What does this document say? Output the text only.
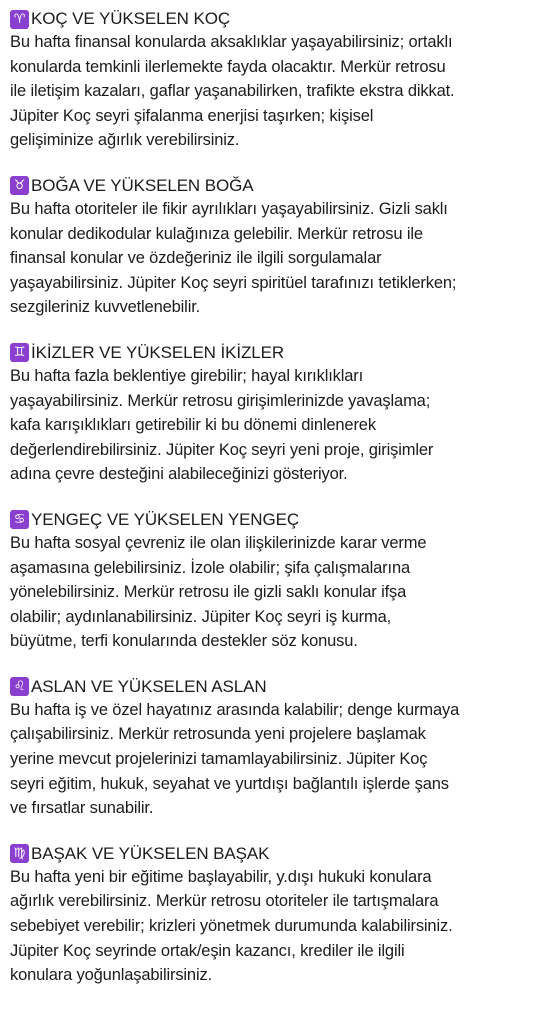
♈ KOÇ VE YÜKSELEN KOÇ
Bu hafta finansal konularda aksaklıklar yaşayabilirsiniz; ortaklı
konularda temkinli ilerlemekte fayda olacaktır. Merkür retrosu
ile iletişim kazaları, gaflar yaşanabilirken, trafikte ekstra dikkat.
Jüpiter Koç seyri şifalanma enerjisi taşırken; kişisel
gelişiminize ağırlık verebilirsiniz.
♉ BOĞA VE YÜKSELEN BOĞA
Bu hafta otoriteler ile fikir ayrılıkları yaşayabilirsiniz. Gizli saklı
konular dedikodular kulağınıza gelebilir. Merkür retrosu ile
finansal konular ve özdeğeriniz ile ilgili sorgulamalar
yaşayabilirsiniz. Jüpiter Koç seyri spiritüel tarafınızı tetiklerken;
sezgileriniz kuvvetlenebilir.
♊ İKİZLER VE YÜKSELEN İKİZLER
Bu hafta fazla beklentiye girebilir; hayal kırıklıkları
yaşayabilirsiniz. Merkür retrosu girişimlerinizde yavaşlama;
kafa karışıklıkları getirebilir ki bu dönemi dinlenerek
değerlendirebilirsiniz. Jüpiter Koç seyri yeni proje, girişimler
adına çevre desteğini alabileceğinizi gösteriyor.
♋ YENGEÇ VE YÜKSELEN YENGEÇ
Bu hafta sosyal çevreniz ile olan ilişkilerinizde karar verme
aşamasına gelebilirsiniz. İzole olabilir; şifa çalışmalarına
yönelebilirsiniz. Merkür retrosu ile gizli saklı konular ifşa
olabilir; aydınlanabilirsiniz. Jüpiter Koç seyri iş kurma,
büyütme, terfi konularında destekler söz konusu.
♌ ASLAN VE YÜKSELEN ASLAN
Bu hafta iş ve özel hayatınız arasında kalabilir; denge kurmaya
çalışabilirsiniz. Merkür retrosunda yeni projelere başlamak
yerine mevcut projelerinizi tamamlayabilirsiniz. Jüpiter Koç
seyri eğitim, hukuk, seyahat ve yurtdışı bağlantılı işlerde şans
ve fırsatlar sunabilir.
♍ BAŞAK VE YÜKSELEN BAŞAK
Bu hafta yeni bir eğitime başlayabilir, y.dışı hukuki konulara
ağırlık verebilirsiniz. Merkür retrosu otoriteler ile tartışmalara
sebebiyet verebilir; krizleri yönetmek durumunda kalabilirsiniz.
Jüpiter Koç seyrinde ortak/eşin kazancı, krediler ile ilgili
konulara yoğunlaşabilirsiniz.
